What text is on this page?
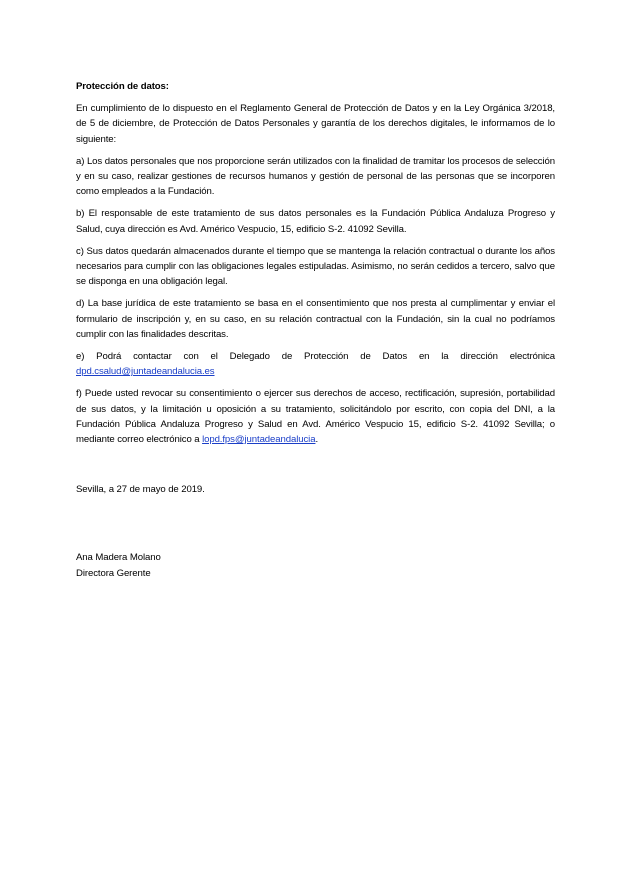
Protección de datos:
En cumplimiento de lo dispuesto en el Reglamento General de Protección de Datos y en la Ley Orgánica 3/2018, de 5 de diciembre, de Protección de Datos Personales y garantía de los derechos digitales, le informamos de lo siguiente:
a) Los datos personales que nos proporcione serán utilizados con la finalidad de tramitar los procesos de selección y en su caso, realizar gestiones de recursos humanos y gestión de personal de las personas que se incorporen como empleados a la Fundación.
b) El responsable de este tratamiento de sus datos personales es la Fundación Pública Andaluza Progreso y Salud, cuya dirección es Avd. Américo Vespucio, 15, edificio S-2. 41092 Sevilla.
c) Sus datos quedarán almacenados durante el tiempo que se mantenga la relación contractual o durante los años necesarios para cumplir con las obligaciones legales estipuladas. Asimismo, no serán cedidos a tercero, salvo que se disponga en una obligación legal.
d) La base jurídica de este tratamiento se basa en el consentimiento que nos presta al cumplimentar y enviar el formulario de inscripción y, en su caso, en su relación contractual con la Fundación, sin la cual no podríamos cumplir con las finalidades descritas.
e) Podrá contactar con el Delegado de Protección de Datos en la dirección electrónica dpd.csalud@juntadeandalucia.es
f) Puede usted revocar su consentimiento o ejercer sus derechos de acceso, rectificación, supresión, portabilidad de sus datos, y la limitación u oposición a su tratamiento, solicitándolo por escrito, con copia del DNI, a la Fundación Pública Andaluza Progreso y Salud en Avd. Américo Vespucio 15, edificio S-2. 41092 Sevilla; o mediante correo electrónico a lopd.fps@juntadeandalucia.
Sevilla, a 27 de mayo de 2019.
Ana Madera Molano
Directora Gerente
